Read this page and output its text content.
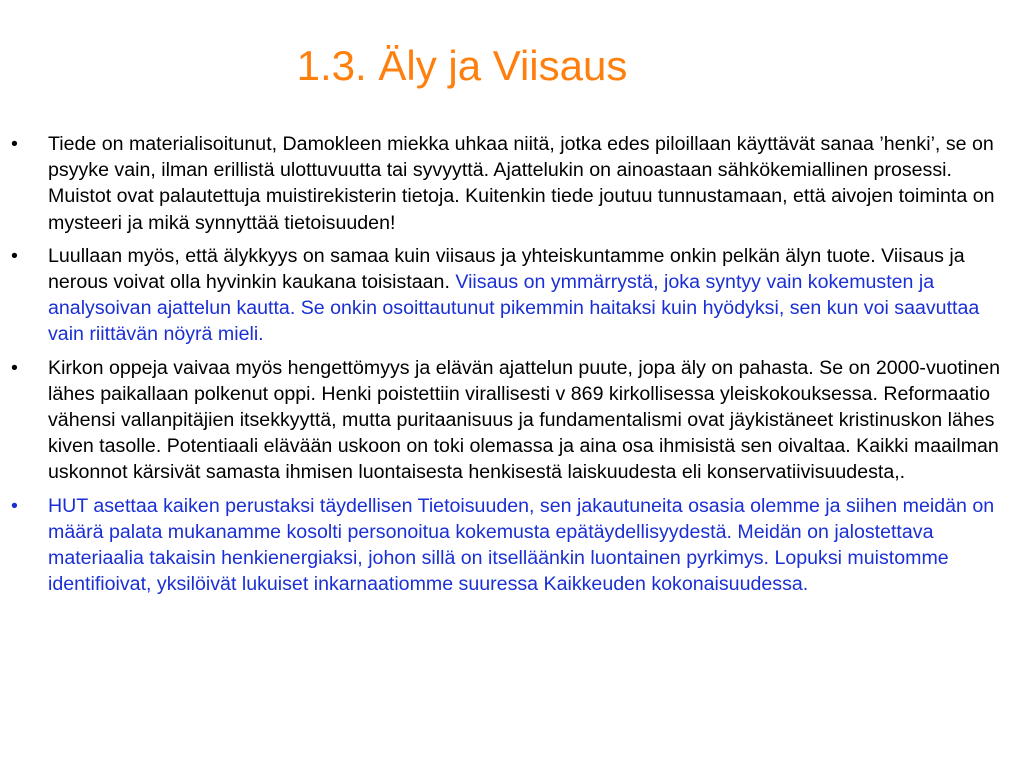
1.3. Äly ja Viisaus
•	Tiede on materialisoitunut, Damokleen miekka uhkaa niitä, jotka edes piloillaan käyttävät sanaa ’henki’, se on psyyke vain, ilman erillistä ulottuvuutta tai syvyyttä. Ajattelukin on ainoastaan sähkökemiallinen prosessi. Muistot ovat palautettuja muistirekisterin tietoja. Kuitenkin tiede joutuu tunnustamaan, että aivojen toiminta on mysteeri ja mikä synnyttää tietoisuuden!
•	Luullaan myös, että älykkyys on samaa kuin viisaus ja yhteiskuntamme onkin pelkän älyn tuote. Viisaus ja nerous voivat olla hyvinkin kaukana toisistaan. Viisaus on ymmärrystä, joka syntyy vain kokemusten ja analysoivan ajattelun kautta. Se onkin osoittautunut pikemmin haitaksi kuin hyödyksi, sen kun voi saavuttaa vain riittävän nöyrä mieli.
•	Kirkon oppeja vaivaa myös hengettömyys ja elävän ajattelun puute, jopa äly on pahasta. Se on 2000-vuotinen lähes paikallaan polkenut oppi. Henki poistettiin virallisesti v 869 kirkollisessa yleiskokouksessa. Reformaatio vähensi vallanpitäjien itsekkyyttä, mutta puritaanisuus ja fundamentalismi ovat jäykistäneet kristinuskon lähes kiven tasolle. Potentiaali elävään uskoon on toki olemassa ja aina osa ihmisistä sen oivaltaa. Kaikki maailman uskonnot kärsivät samasta ihmisen luontaisesta henkisestä laiskuudesta eli konservatiivisuudesta,.
•	HUT asettaa kaiken perustaksi täydellisen Tietoisuuden, sen jakautuneita osasia olemme ja siihen meidän on määrä palata mukanamme kosolti personoitua kokemusta epätäydellisyydestä. Meidän on jalostettava materiaalia takaisin henkienergiaksi, johon sillä on itselläänkin luontainen pyrkimys. Lopuksi muistomme identifioivat, yksilöivät lukuiset inkarnaatiomme suuressa Kaikkeuden kokonaisuudessa.
